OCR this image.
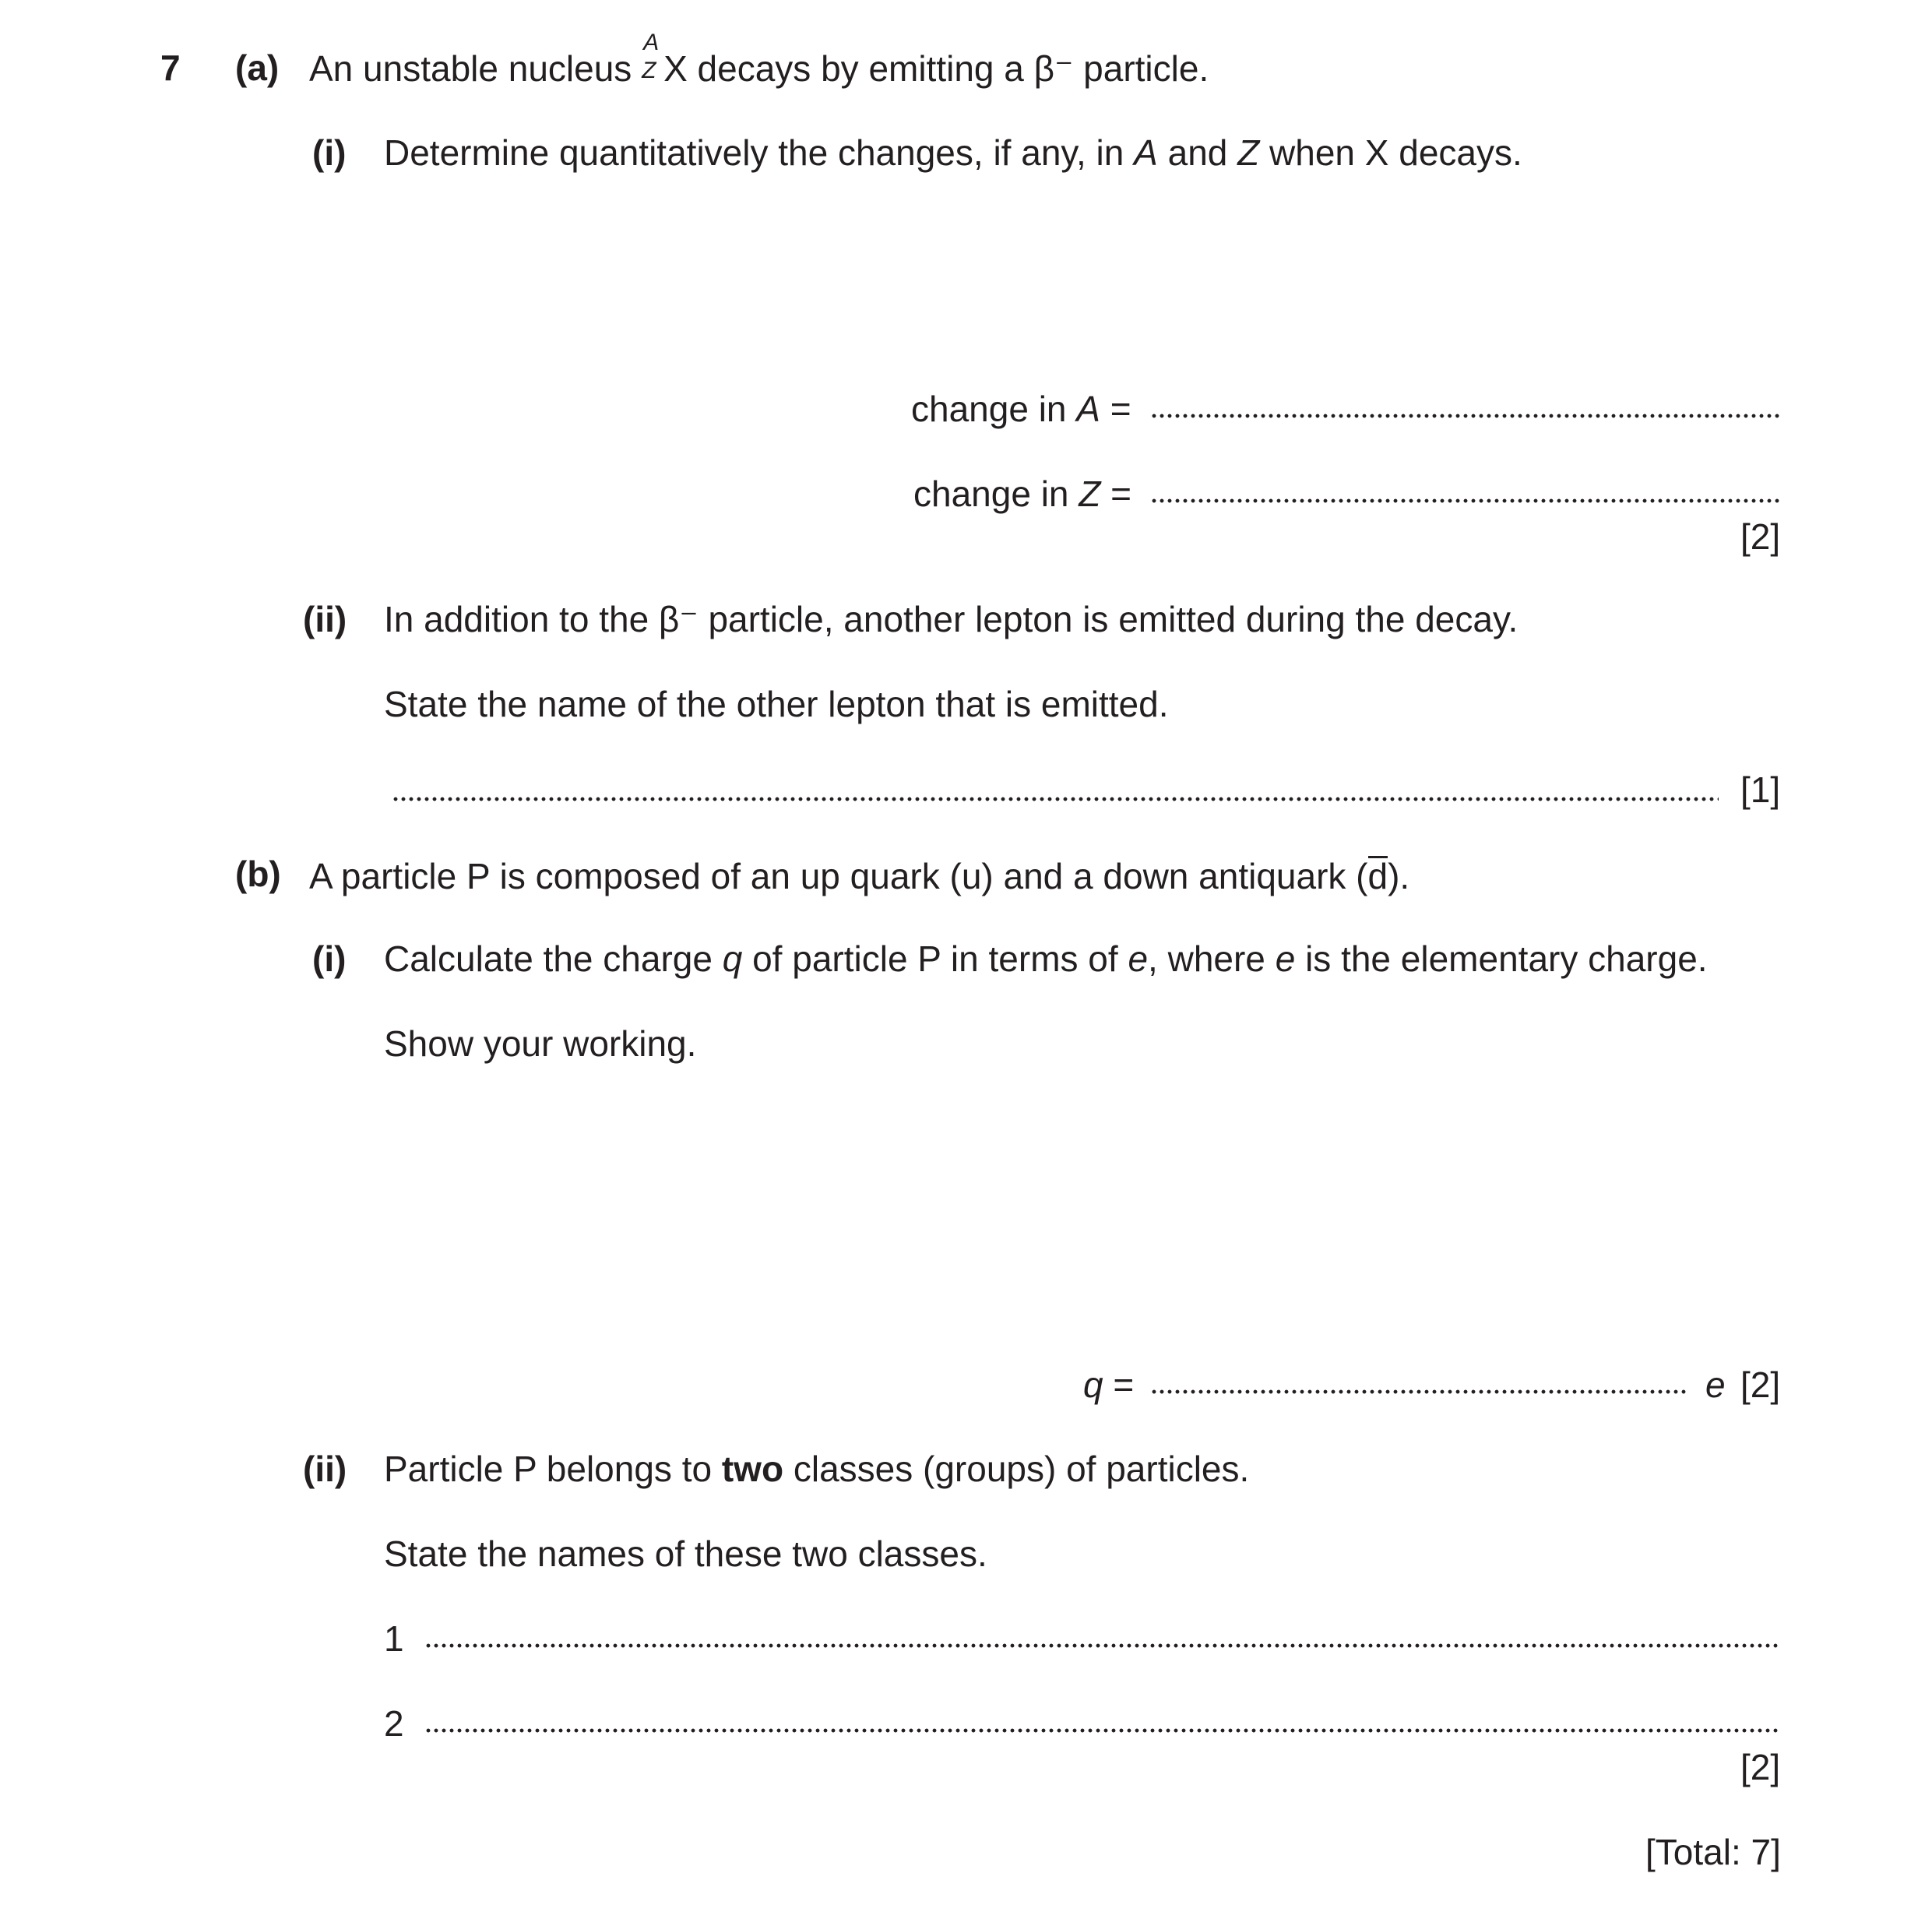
7 (a) An unstable nucleus
A
Z X decays by emitting a β⁻ particle.
(i) Determine quantitatively the changes, if any, in A and Z when X decays.
change in A =
change in Z =
[2]
(ii) In addition to the β⁻ particle, another lepton is emitted during the decay.
State the name of the other lepton that is emitted.
[1]
(b) A particle P is composed of an up quark (u) and a down antiquark (d).
(i) Calculate the charge q of particle P in terms of e, where e is the elementary charge.
Show your working.
q =	e [2]
(ii) Particle P belongs to two classes (groups) of particles.
State the names of these two classes.
1
2
[2]
[Total: 7]
